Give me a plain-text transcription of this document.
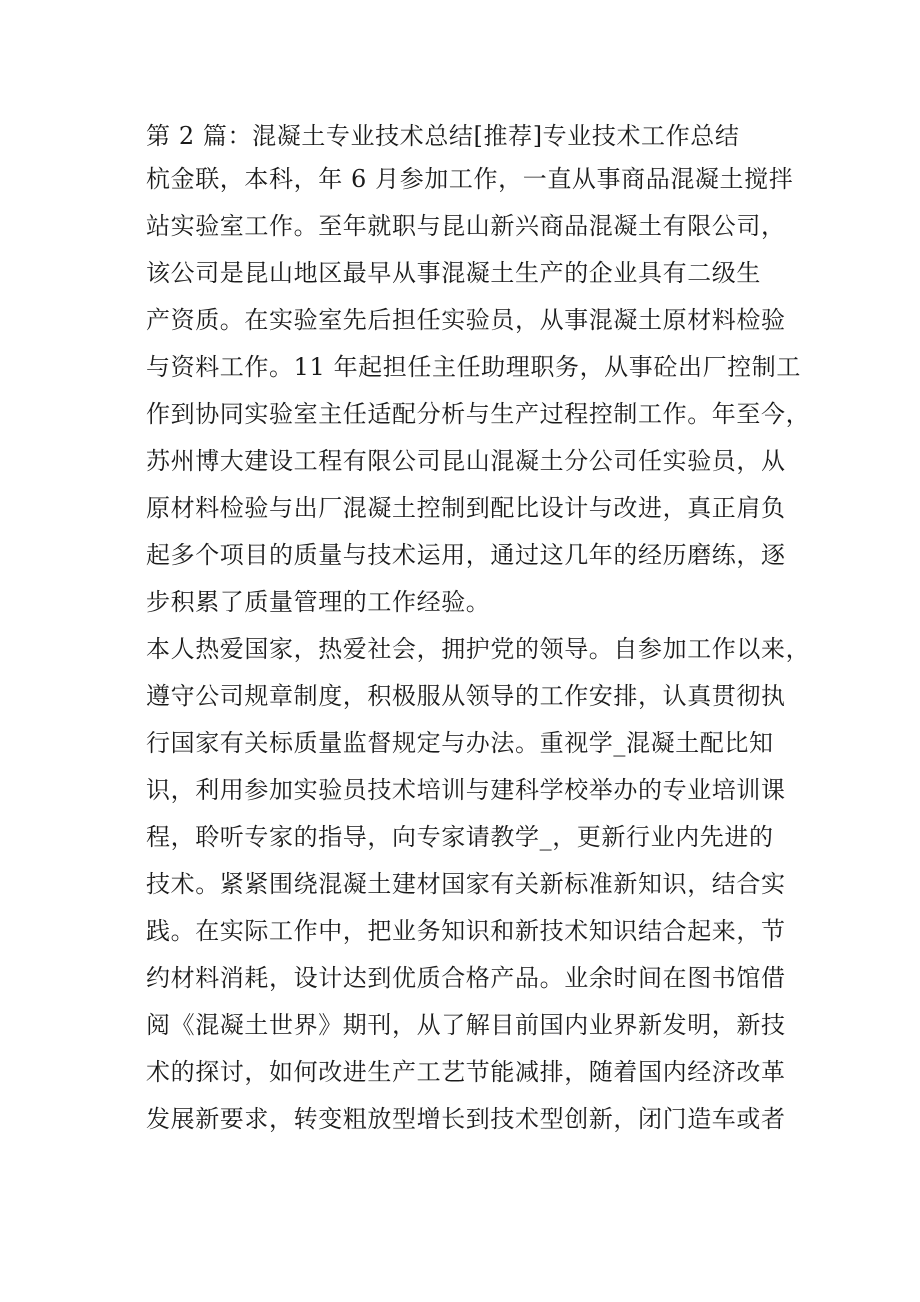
第 2 篇：混凝土专业技术总结[推荐]专业技术工作总结
杭金联，本科，年 6 月参加工作，一直从事商品混凝土搅拌
站实验室工作。至年就职与昆山新兴商品混凝土有限公司，
该公司是昆山地区最早从事混凝土生产的企业具有二级生
产资质。在实验室先后担任实验员，从事混凝土原材料检验
与资料工作。11 年起担任主任助理职务，从事砼出厂控制工
作到协同实验室主任适配分析与生产过程控制工作。年至今，
苏州博大建设工程有限公司昆山混凝土分公司任实验员，从
原材料检验与出厂混凝土控制到配比设计与改进，真正肩负
起多个项目的质量与技术运用，通过这几年的经历磨练，逐
步积累了质量管理的工作经验。
本人热爱国家，热爱社会，拥护党的领导。自参加工作以来，
遵守公司规章制度，积极服从领导的工作安排，认真贯彻执
行国家有关标质量监督规定与办法。重视学_混凝土配比知
识，利用参加实验员技术培训与建科学校举办的专业培训课
程，聆听专家的指导，向专家请教学_，更新行业内先进的
技术。紧紧围绕混凝土建材国家有关新标准新知识，结合实
践。在实际工作中，把业务知识和新技术知识结合起来，节
约材料消耗，设计达到优质合格产品。业余时间在图书馆借
阅《混凝土世界》期刊，从了解目前国内业界新发明，新技
术的探讨，如何改进生产工艺节能减排，随着国内经济改革
发展新要求，转变粗放型增长到技术型创新，闭门造车或者
